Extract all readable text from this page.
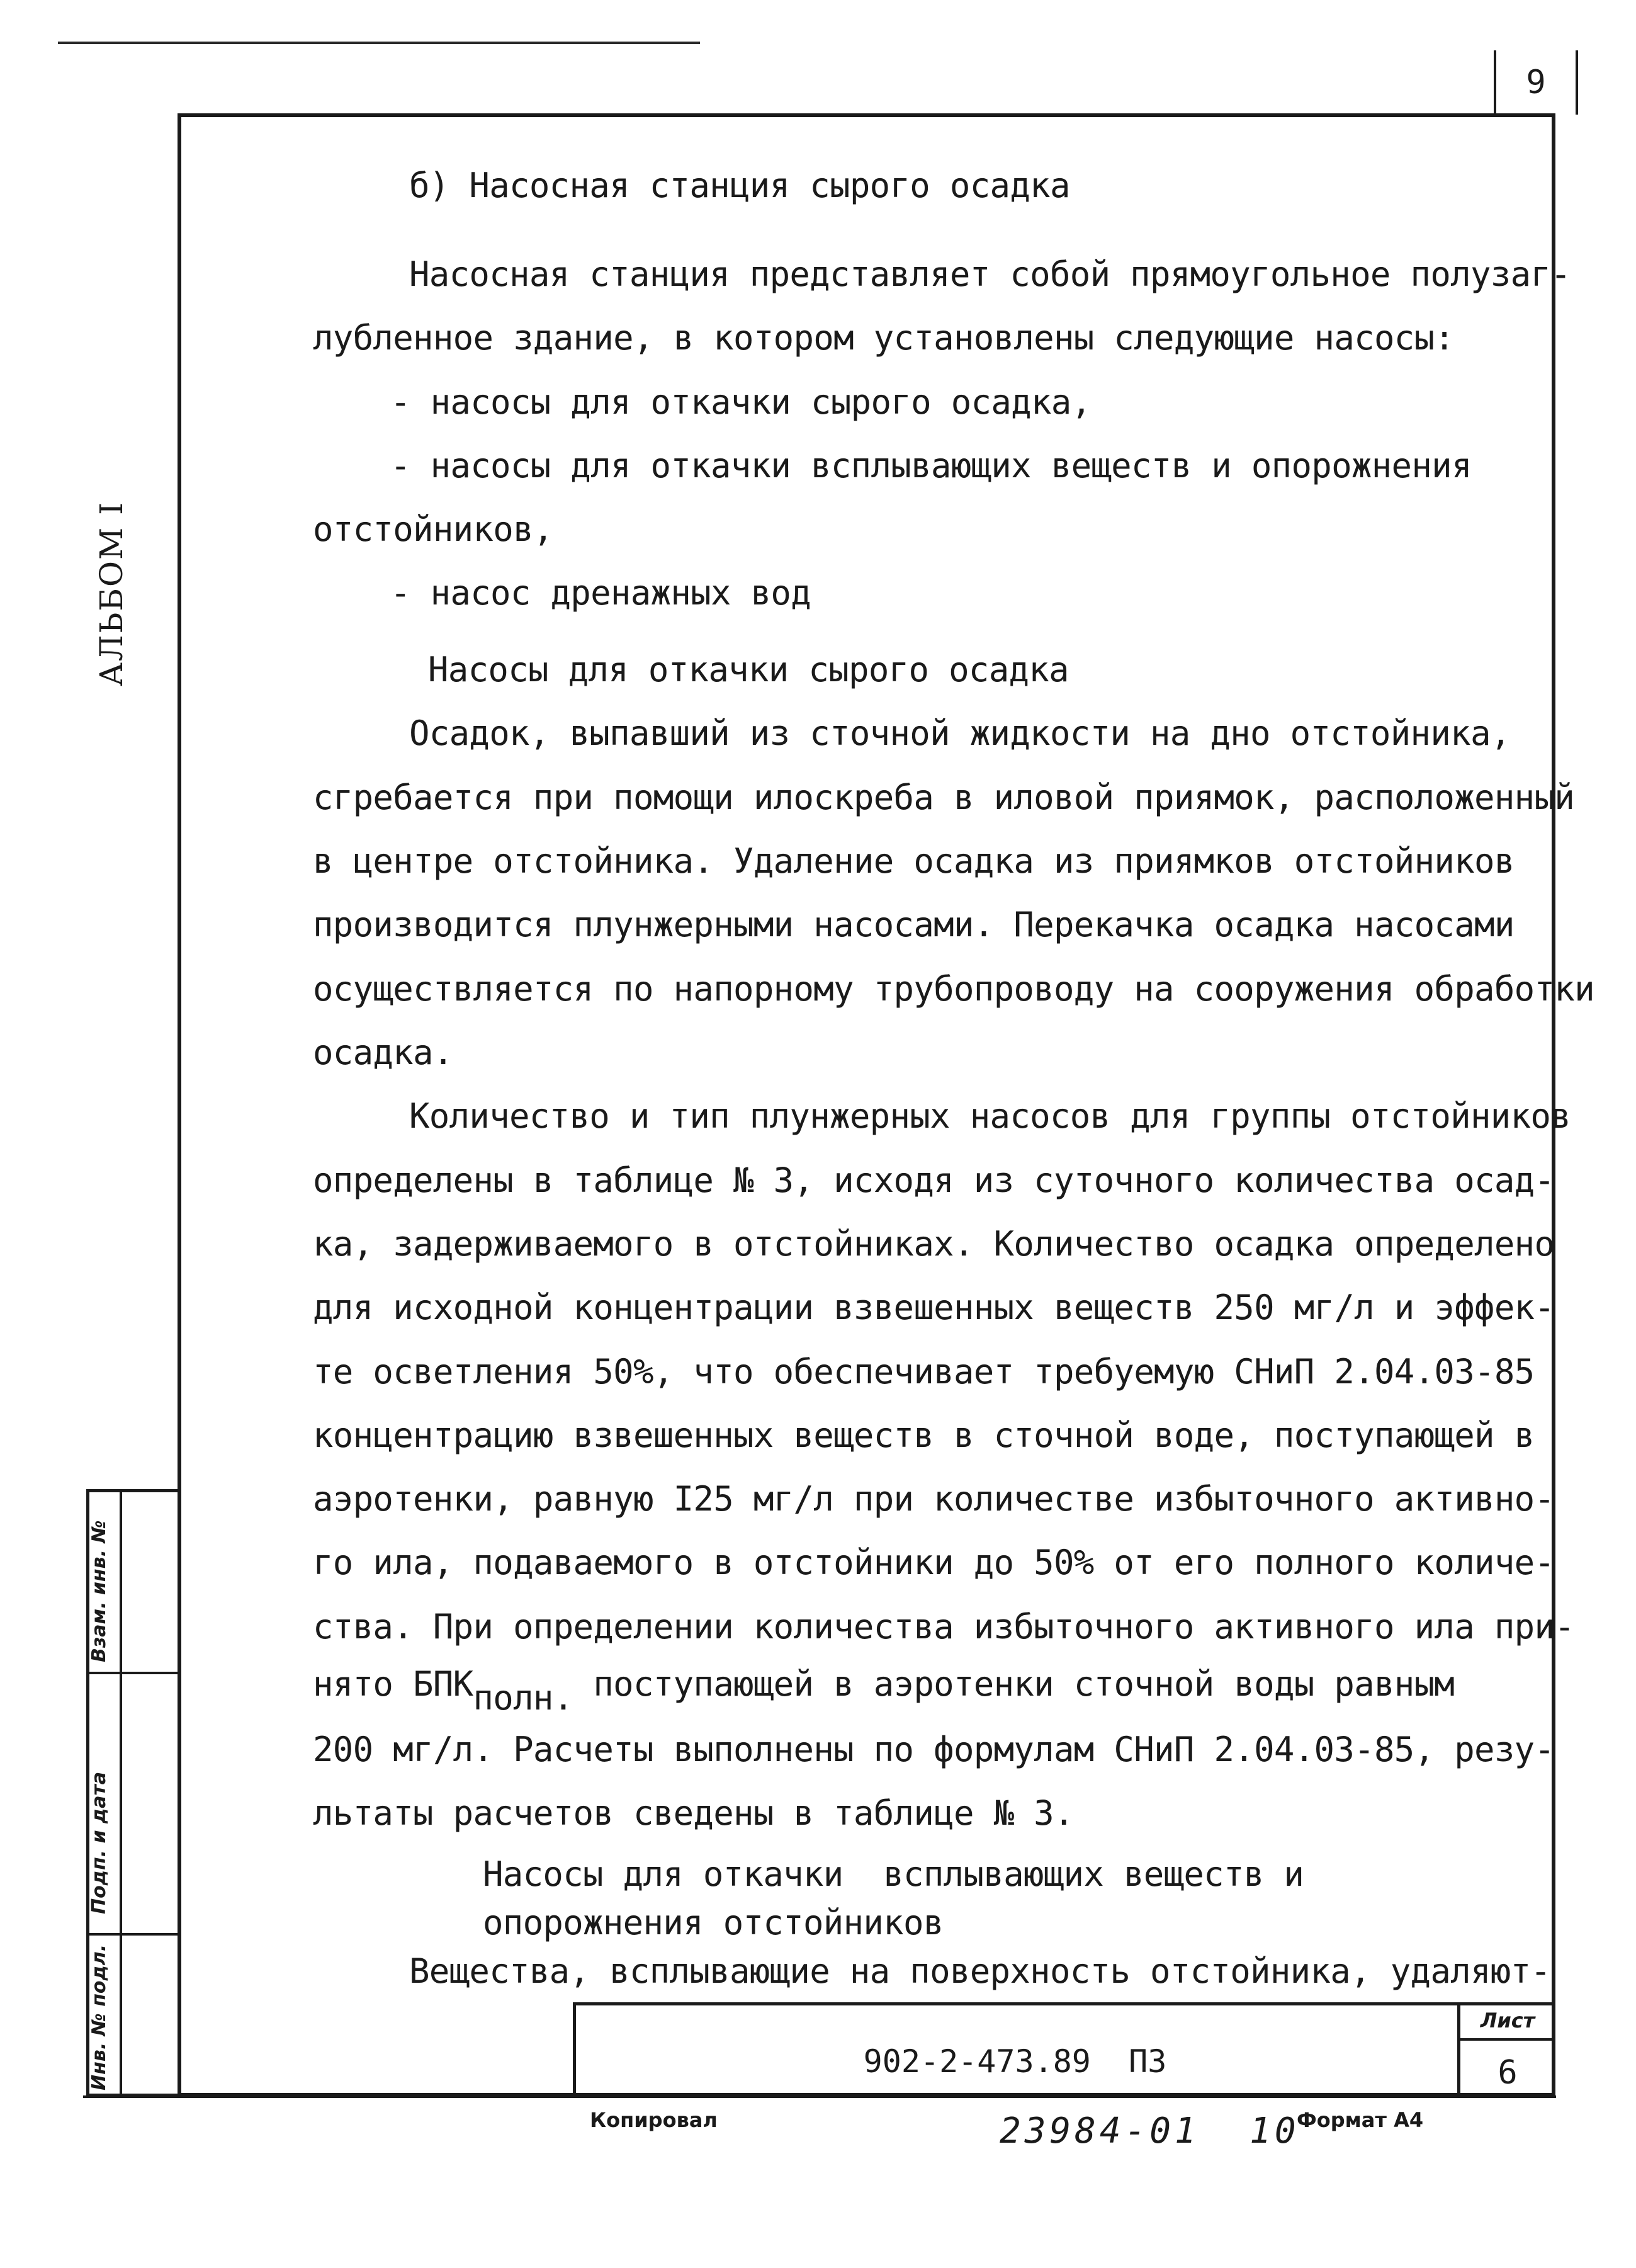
9
АЛЬБОМ I
Взам. инв. №
Подп. и дата
Инв. № подл.
б) Насосная станция сырого осадка
Насосная станция представляет собой прямоугольное полузаг-
лубленное здание, в котором установлены следующие насосы:
- насосы для откачки сырого осадка,
- насосы для откачки всплывающих веществ и опорожнения
отстойников,
- насос дренажных вод
Насосы для откачки сырого осадка
Осадок, выпавший из сточной жидкости на дно отстойника,
сгребается при помощи илоскреба в иловой приямок, расположенный
в центре отстойника. Удаление осадка из приямков отстойников
производится плунжерными насосами. Перекачка осадка насосами
осуществляется по напорному трубопроводу на сооружения обработки
осадка.
Количество и тип плунжерных насосов для группы отстойников
определены в таблице № 3, исходя из суточного количества осад-
ка, задерживаемого в отстойниках. Количество осадка определено
для исходной концентрации взвешенных веществ 250 мг/л и эффек-
те осветления 50%, что обеспечивает требуемую СНиП 2.04.03-85
концентрацию взвешенных веществ в сточной воде, поступающей в
аэротенки, равную I25 мг/л при количестве избыточного активно-
го ила, подаваемого в отстойники до 50% от его полного количе-
ства. При определении количества избыточного активного ила при-
нято БПКполн. поступающей в аэротенки сточной воды равным
200 мг/л. Расчеты выполнены по формулам СНиП 2.04.03-85, резу-
льтаты расчетов сведены в таблице № 3.
Насосы для откачки  всплывающих веществ и
опорожнения отстойников
Вещества, всплывающие на поверхность отстойника, удаляют-
902-2-473.89  ПЗ
Лист
6
Копировал	23984-01  10
Формат А4
